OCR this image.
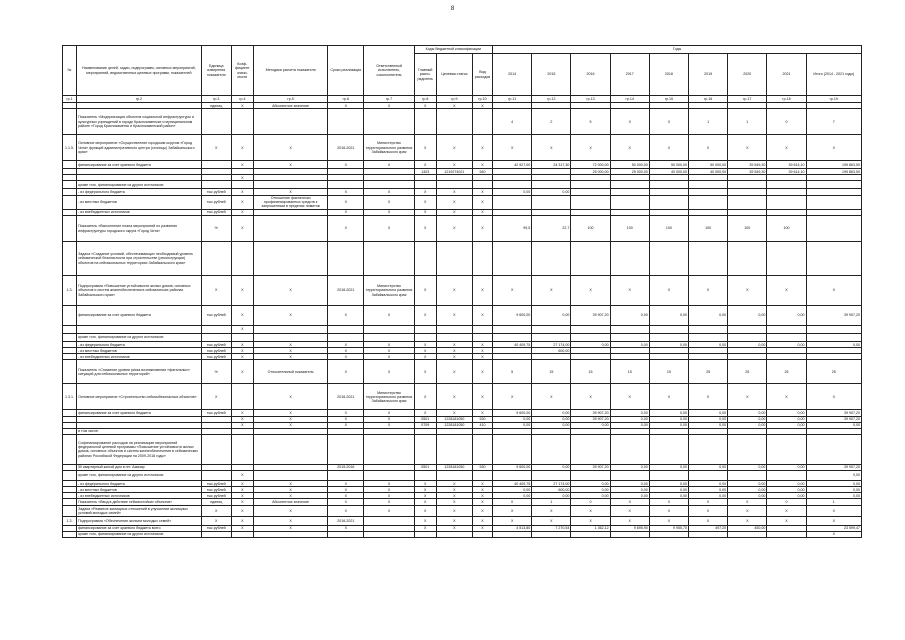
8
№	Наименование целей, задач, подпрограмм, основных мероприятий, мероприятий, ведомственных целевых программ, показателей	Единица измерения показателя	Коэф-фициент значи-мости	Методика расчета показателя	Сроки реализации	Ответственный исполнитель, соисполнитель	Коды бюджетной классификации			Годы								
							Главный распо-рядитель	Целевая статья	Вид расходов	2014	2015	2016	2017	2018	2019	2020	2021	Итого (2014 - 2021 годы)
гр.1	гр.2	гр.3	гр.4	гр.5	гр.6	гр.7	гр.8	гр.9	гр.10	гр.11	гр.12	гр.13	гр.14	гр.15	гр.16	гр.17	гр.18	гр.19
		единиц	Х	Абсолютное значение	Х	Х	Х	Х	Х									
	Показатель «Модернизация объектов социальной инфраструктуры и культурных учреждений в городе Краснокаменске и муниципальном районе «Город Краснокаменск и Краснокаменский район»									4	2	5	0	0	1	1	0	7
1.1.5.	Основное мероприятие «Осуществление городским округом «Город Чита» функций административного центра (столицы) Забайкальского края»	Х	Х	Х	2016-2021	Министерство территориального развития Забайкальского края	Х	Х	Х	Х	Х	Х	Х	Х	Х	Х	Х	Х
	финансирование за счет краевого бюджета		Х	Х	Х	Х	Х	Х	Х	42 527,00	24 317,30	72 000,00	50 000,00	50 000,00	50 000,00	39 549,30	39 614,10	195 863,50
							1403	1219274021	540			25 000,00	25 000,00	40 000,00	40 000,00	39 549,30	39 614,10	195 863,50
			Х															
	кроме того, финансирование из других источников:																	
	- из федерального бюджета	тыс.рублей	Х	Х	Х	Х	Х	Х	Х	0,00	0,00							
	- из местных бюджетов	тыс.рублей	Х	Отношение фактически профинансированных средств к запрошенным в пределах лимитов	Х	Х	Х	Х	Х									
	- из внебюджетных источников	тыс.рублей	Х		Х	Х	Х	Х	Х									
	Показатель «Выполнение плана мероприятий по развитию инфраструктуры городского округа «Город Чита»	%	Х		Х	Х	Х	Х	Х	99,5	22,7	100	100	100	100	100	100	
	Задача «Создание условий, обеспечивающих необходимый уровень сейсмической безопасности при строительстве (реконструкции) объектов на сейсмоопасных территориях Забайкальского края»																	
1.3.	Подпрограмма «Повышение устойчивости жилых домов, основных объектов и систем жизнеобеспечения в сейсмических районах Забайкальского края»	Х	Х	Х	2016-2021	Министерство территориального развития Забайкальского края	Х	Х	Х	Х	Х	Х	Х	Х	Х	Х	Х	Х
	финансирование за счет краевого бюджета	тыс.рублей	Х	Х	Х	Х	Х	Х	Х	9 600,00	0,00	39 907,20	0,00	0,00	0,00	0,00	0,00	39 907,20
			Х															
	кроме того, финансирование из других источников:																	
	- из федерального бюджета	тыс.рублей	Х	Х	Х	Х	Х	Х	Х	40 409,75	27 174,00	0,00	0,00	0,00	0,00	0,00	0,00	0,00
	- из местных бюджетов	тыс.рублей	Х	Х	Х	Х	Х	Х	Х		600,00							
	- из внебюджетных источников	тыс.рублей	Х	Х	Х	Х	Х	Х	Х									
	Показатель «Снижение уровня риска возникновения «фатальных» ситуаций для сейсмоопасных территорий»	%	Х	Относительный показатель	Х	Х	Х	Х	Х	5	15	15	15	15	25	25	25	25
1.3.1.	Основное мероприятие «Строительство сейсмобезопасных объектов»	Х		Х	2016-2021	Министерство территориального развития Забайкальского края	Х	Х	Х	Х	Х	Х	Х	Х	Х	Х	Х	Х
	финансирование за счет краевого бюджета	тыс.рублей	Х	Х	Х	Х	Х	Х	Х	9 600,00	0,00	39 907,20	0,00	0,00	0,00	0,00	0,00	39 907,20
			Х	Х	Х	Х	0501	1228181050	530	0,00	0,00	39 907,20	0,00	0,00	0,00	0,00	0,00	39 907,20
			Х	Х	Х	Х	0709	1228181050	410	0,00	0,00	0,00	0,00	0,00	0,00	0,00	0,00	0,00
	в том числе:																	
	Софинансирование расходов на реализацию мероприятий федеральной целевой программы «Повышение устойчивости жилых домов, основных объектов и систем жизнеобеспечения в сейсмических районах Российской Федерации на 2009-2018 годы»																	
	50 квартирный жилой дом в пгт. Амазар				2015-2016		0501	1228181050	530	9 600,00	0,00	39 907,20	0,00	0,00	0,00	0,00	0,00	39 907,20
	кроме того, финансирование из других источников:		Х															0,00
	- из федерального бюджета	тыс.рублей	Х	Х	Х	Х	Х	Х	Х	40 409,75	27 174,00	0,00	0,00	0,00	0,00	0,00	0,00	0,00
	- из местных бюджетов	тыс.рублей	Х	Х	Х	Х	Х	Х	Х	0,00	600,00	0,00	0,00	0,00	0,00	0,00	0,00	0,00
	- из внебюджетных источников	тыс.рублей	Х	Х	Х	Х	Х	Х	Х	0,00	0,00	0,00	0,00	0,00	0,00	0,00	0,00	0,00
	Показатель «Ввод в действие сейсмостойких объектов»	единиц	Х	Абсолютное значение	Х	Х	Х	Х	Х	0	1	0	0	0	0	0	0	1
	Задача «Развитие жилищных отношений в улучшении жилищных условий молодых семей»	Х	Х	Х	Х	Х	Х	Х	Х	Х	Х	Х	Х	Х	Х	Х	Х	Х
1.3.	Подпрограмма «Обеспечение жильем молодых семей»	Х	Х	Х	2016-2021		Х	Х	Х	Х	Х	Х	Х	Х	Х	Х	Х	Х
	финансирование за счет краевого бюджета всего	тыс.рублей	Х	Х	Х		Х	Х	Х	4 513,80	7 270,54	1 362,12	9 695,90	9 955,70	497,20	450,00		23 599,47
	кроме того, финансирование из других источников:																	Х
